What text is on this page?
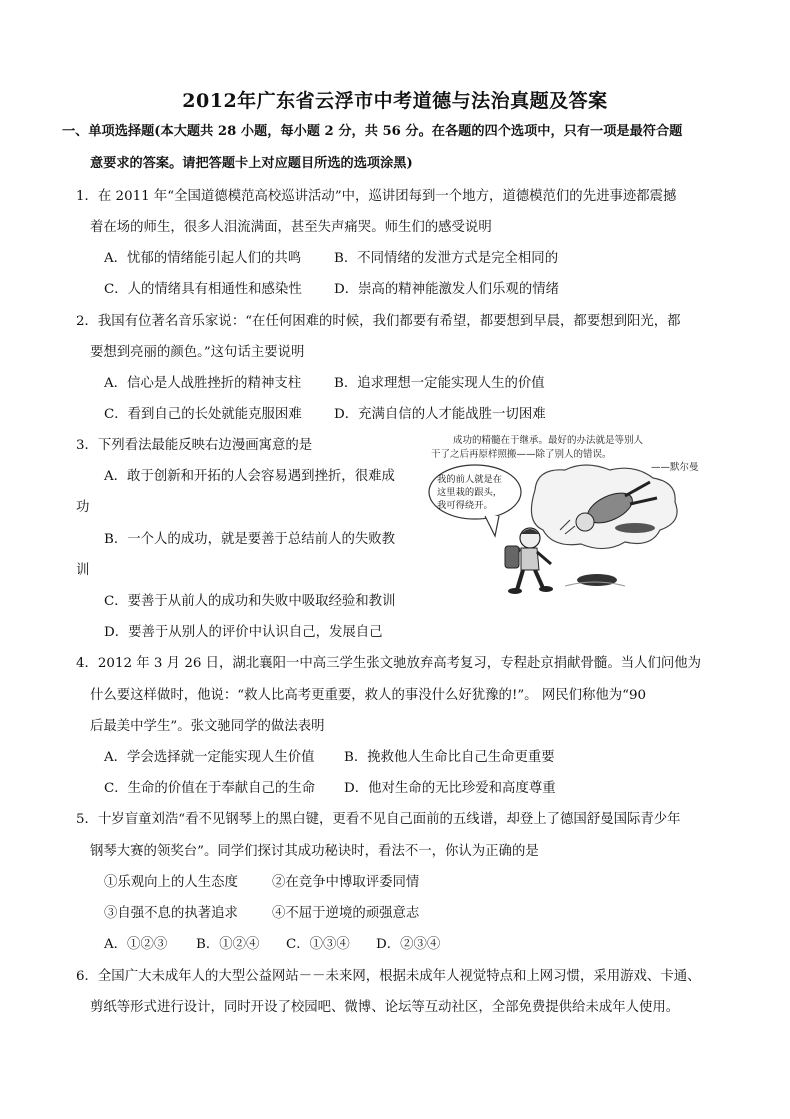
2012年广东省云浮市中考道德与法治真题及答案
一、单项选择题(本大题共 28 小题，每小题 2 分，共 56 分。在各题的四个选项中，只有一项是最符合题
意要求的答案。请把答题卡上对应题目所选的选项涂黑)
1．在 2011 年“全国道德模范高校巡讲活动”中，巡讲团每到一个地方，道德模范们的先进事迹都震撼
着在场的师生，很多人泪流满面，甚至失声痛哭。师生们的感受说明
A．忧郁的情绪能引起人们的共鸣 B．不同情绪的发泄方式是完全相同的
C．人的情绪具有相通性和感染性 D．崇高的精神能激发人们乐观的情绪
2．我国有位著名音乐家说：“在任何困难的时候，我们都要有希望，都要想到早晨，都要想到阳光，都
要想到亮丽的颜色。”这句话主要说明
A．信心是人战胜挫折的精神支柱 B．追求理想一定能实现人生的价值
C．看到自己的长处就能克服困难 D．充满自信的人才能战胜一切困难
3．下列看法最能反映右边漫画寓意的是
A．敢于创新和开拓的人会容易遇到挫折，很难成
功
B．一个人的成功，就是要善于总结前人的失败教
训
C．要善于从前人的成功和失败中吸取经验和教训
D．要善于从别人的评价中认识自己，发展自己
成功的精髓在于继承。最好的办法就是等别人
干了之后再原样照搬——除了别人的错误。
——默尔曼
我的前人就是在
这里栽的跟头，
我可得绕开。
4．2012 年 3 月 26 日，湖北襄阳一中高三学生张文驰放弃高考复习，专程赴京捐献骨髓。当人们问他为
什么要这样做时，他说：“救人比高考更重要，救人的事没什么好犹豫的!”。 网民们称他为“90
后最美中学生”。张文驰同学的做法表明
A．学会选择就一定能实现人生价值 B．挽救他人生命比自己生命更重要
C．生命的价值在于奉献自己的生命 D．他对生命的无比珍爱和高度尊重
5．十岁盲童刘浩“看不见钢琴上的黑白键，更看不见自己面前的五线谱，却登上了德国舒曼国际青少年
钢琴大赛的领奖台”。同学们探讨其成功秘诀时，看法不一，你认为正确的是
①乐观向上的人生态度	②在竞争中博取评委同情
③自强不息的执著追求	④不屈于逆境的顽强意志
A．①②③ B．①②④ C．①③④ D．②③④
6．全国广大未成年人的大型公益网站－－未来网，根据未成年人视觉特点和上网习惯，采用游戏、卡通、
剪纸等形式进行设计，同时开设了校园吧、微博、论坛等互动社区，全部免费提供给未成年人使用。
